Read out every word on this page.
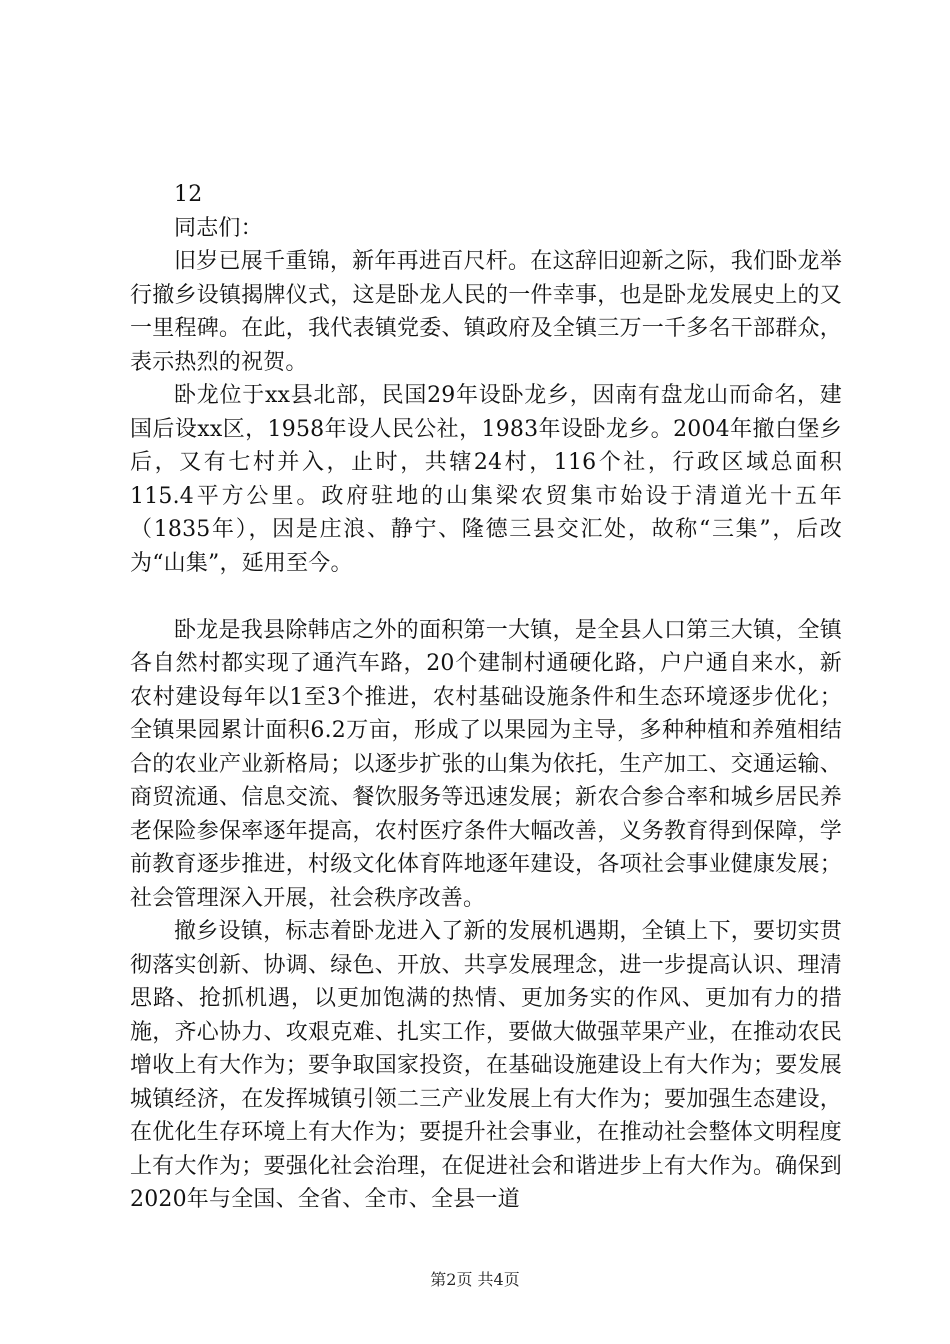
12

同志们：

旧岁已展千重锦，新年再进百尺杆。在这辞旧迎新之际，我们卧龙举行撤乡设镇揭牌仪式，这是卧龙人民的一件幸事，也是卧龙发展史上的又一里程碑。在此，我代表镇党委、镇政府及全镇三万一千多名干部群众，表示热烈的祝贺。

卧龙位于xx县北部，民国29年设卧龙乡，因南有盘龙山而命名，建国后设xx区，1958年设人民公社，1983年设卧龙乡。2004年撤白堡乡后，又有七村并入，止时，共辖24村，116个社，行政区域总面积115.4平方公里。政府驻地的山集梁农贸集市始设于清道光十五年（1835年），因是庄浪、静宁、隆德三县交汇处，故称“三集”，后改为“山集”，延用至今。

卧龙是我县除韩店之外的面积第一大镇，是全县人口第三大镇，全镇各自然村都实现了通汽车路，20个建制村通硬化路，户户通自来水，新农村建设每年以1至3个推进，农村基础设施条件和生态环境逐步优化；全镇果园累计面积6.2万亩，形成了以果园为主导，多种种植和养殖相结合的农业产业新格局；以逐步扩张的山集为依托，生产加工、交通运输、商贸流通、信息交流、餐饮服务等迅速发展；新农合参合率和城乡居民养老保险参保率逐年提高，农村医疗条件大幅改善，义务教育得到保障，学前教育逐步推进，村级文化体育阵地逐年建设，各项社会事业健康发展；社会管理深入开展，社会秩序改善。

撤乡设镇，标志着卧龙进入了新的发展机遇期，全镇上下，要切实贯彻落实创新、协调、绿色、开放、共享发展理念，进一步提高认识、理清思路、抢抓机遇，以更加饱满的热情、更加务实的作风、更加有力的措施，齐心协力、攻艰克难、扎实工作，要做大做强苹果产业，在推动农民增收上有大作为；要争取国家投资，在基础设施建设上有大作为；要发展城镇经济，在发挥城镇引领二三产业发展上有大作为；要加强生态建设，在优化生存环境上有大作为；要提升社会事业，在推动社会整体文明程度上有大作为；要强化社会治理，在促进社会和谐进步上有大作为。确保到2020年与全国、全省、全市、全县一道

第2页 共4页
